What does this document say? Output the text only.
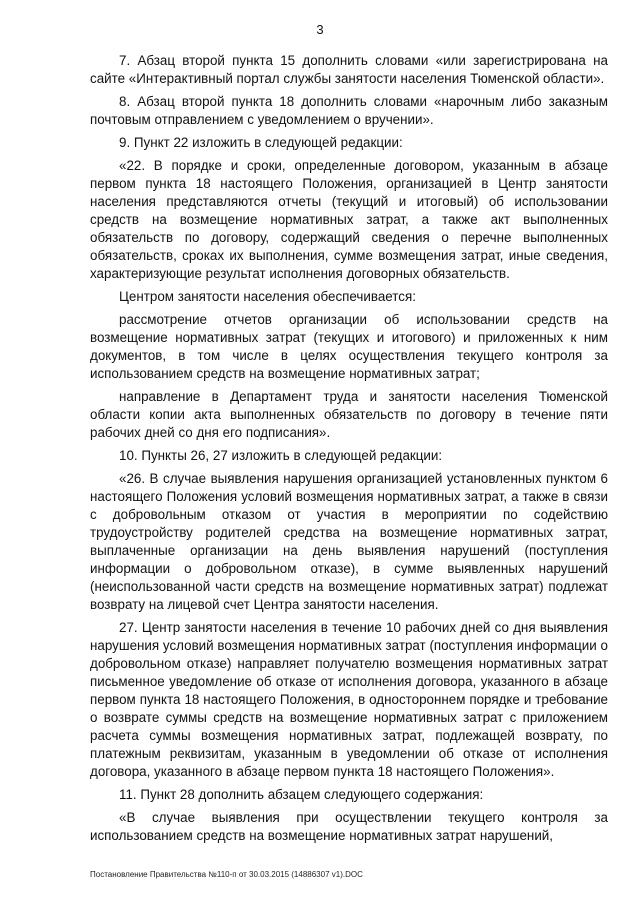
3

7. Абзац второй пункта 15 дополнить словами «или зарегистрирована на сайте «Интерактивный портал службы занятости населения Тюменской области».

8. Абзац второй пункта 18 дополнить словами «нарочным либо заказным почтовым отправлением с уведомлением о вручении».

9. Пункт 22 изложить в следующей редакции:

«22. В порядке и сроки, определенные договором, указанным в абзаце первом пункта 18 настоящего Положения, организацией в Центр занятости населения представляются отчеты (текущий и итоговый) об использовании средств на возмещение нормативных затрат, а также акт выполненных обязательств по договору, содержащий сведения о перечне выполненных обязательств, сроках их выполнения, сумме возмещения затрат, иные сведения, характеризующие результат исполнения договорных обязательств.

Центром занятости населения обеспечивается:

рассмотрение отчетов организации об использовании средств на возмещение нормативных затрат (текущих и итогового) и приложенных к ним документов, в том числе в целях осуществления текущего контроля за использованием средств на возмещение нормативных затрат;

направление в Департамент труда и занятости населения Тюменской области копии акта выполненных обязательств по договору в течение пяти рабочих дней со дня его подписания».

10. Пункты 26, 27 изложить в следующей редакции:

«26. В случае выявления нарушения организацией установленных пунктом 6 настоящего Положения условий возмещения нормативных затрат, а также в связи с добровольным отказом от участия в мероприятии по содействию трудоустройству родителей средства на возмещение нормативных затрат, выплаченные организации на день выявления нарушений (поступления информации о добровольном отказе), в сумме выявленных нарушений (неиспользованной части средств на возмещение нормативных затрат) подлежат возврату на лицевой счет Центра занятости населения.

27. Центр занятости населения в течение 10 рабочих дней со дня выявления нарушения условий возмещения нормативных затрат (поступления информации о добровольном отказе) направляет получателю возмещения нормативных затрат письменное уведомление об отказе от исполнения договора, указанного в абзаце первом пункта 18 настоящего Положения, в одностороннем порядке и требование о возврате суммы средств на возмещение нормативных затрат с приложением расчета суммы возмещения нормативных затрат, подлежащей возврату, по платежным реквизитам, указанным в уведомлении об отказе от исполнения договора, указанного в абзаце первом пункта 18 настоящего Положения».

11. Пункт 28 дополнить абзацем следующего содержания:

«В случае выявления при осуществлении текущего контроля за использованием средств на возмещение нормативных затрат нарушений,

Постановление Правительства №110-п от 30.03.2015 (14886307 v1).DOC
